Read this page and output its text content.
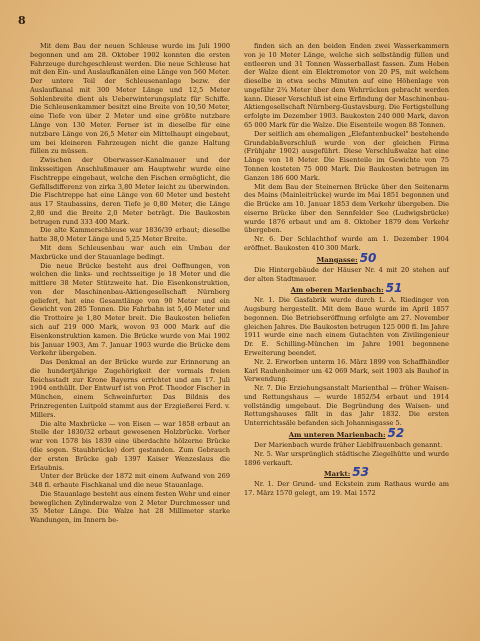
8

Mit dem Bau der neuen Schleuse wurde im Juli 1900 begonnen und am 28. Oktober 1902 konnten die ersten Fahrzeuge durchgeschleust werden. Die neue Schleuse hat mit den Ein- und Auslaufkanälen eine Länge von 560 Meter. Der untere Teil der Schleusenanlage bezw. der Auslaufkanal mit 300 Meter Länge und 12,5 Meter Sohlenbreite dient als Ueberwinterungsplatz für Schiffe. Die Schleusenkammer besitzt eine Breite von 10,50 Meter, eine Tiefe von über 2 Meter und eine größte nutzbare Länge von 130 Meter. Ferner ist in dieselbe für eine nutzbare Länge von 26,5 Meter ein Mittelhaupt eingebaut, um bei kleineren Fahrzeugen nicht die ganze Haltung füllen zu müssen.

Zwischen der Oberwasser-Kanalmauer und der linksseitigen Anschlußmauer am Hauptwehr wurde eine Fischtreppe eingebaut, welche den Fischen ermöglicht, die Gefällsdifferenz von zirka 3,80 Meter leicht zu überwinden. Die Fischtreppe hat eine Länge von 60 Meter und besteht aus 17 Staubassins, deren Tiefe je 0,80 Meter, die Länge 2,80 und die Breite 2,0 Meter beträgt. Die Baukosten betrugen rund 333 400 Mark.

Die alte Kammerschleuse war 1836/39 erbaut; dieselbe hatte 38,0 Meter Länge und 5,25 Meter Breite.

Mit dem Schleusenbau war auch ein Umbau der Maxbrücke und der Stauanlage bedingt.

Die neue Brücke besteht aus drei Oeffnungen, von welchen die links- und rechtsseitige je 18 Meter und die mittlere 38 Meter Stützweite hat. Die Eisenkonstruktion, von der Maschinenbau-Aktiengesellschaft Nürnberg geliefert, hat eine Gesamtlänge von 90 Meter und ein Gewicht von 285 Tonnen. Die Fahrbahn ist 5,40 Meter und die Trottoire je 1,80 Meter breit. Die Baukosten beliefen sich auf 219 000 Mark, wovon 93 000 Mark auf die Eisenkonstruktion kamen. Die Brücke wurde von Mai 1902 bis Januar 1903, Am 7. Januar 1903 wurde die Brücke dem Verkehr übergeben.

Das Denkmal an der Brücke wurde zur Erinnerung an die hundertjährige Zugehörigkeit der vormals freien Reichsstadt zur Krone Bayerns errichtet und am 17. Juli 1904 enthüllt. Der Entwurf ist von Prof. Theodor Fischer in München, einem Schweinfurter. Das Bildnis des Prinzregenten Luitpold stammt aus der Erzgießerei Ferd. v. Millers.

Die alte Maxbrücke — von Eisen — war 1858 erbaut an Stelle der 1830/32 erbaut gewesenen Holzbrücke. Vorher war von 1578 bis 1839 eine überdachte hölzerne Brücke (die sogen. Staubbrücke) dort gestanden. Zum Gebrauch der ersten Brücke gab 1397 Kaiser Wenzeslaus die Erlaubnis.

Unter der Brücke der 1872 mit einem Aufwand von 269 348 fl. erbaute Fischkanal und die neue Stauanlage.

Die Stauanlage besteht aus einem festen Wehr und einer beweglichen Zylinderwalze von 2 Meter Durchmesser und 35 Meter Länge. Die Walze hat 28 Millimeter starke Wandungen, im Innern be-

finden sich an den beiden Enden zwei Wasserkammern von je 10 Meter Länge, welche sich selbständig füllen und entleeren und 31 Tonnen Wasserballast fassen. Zum Heben der Walze dient ein Elektromotor von 20 PS, mit welchem dieselbe in etwa sechs Minuten auf eine Höhenlage von ungefähr 2¾ Meter über dem Wehrrücken gebracht werden kann. Dieser Verschluß ist eine Erfindung der Maschinenbau-Aktiengesellschaft Nürnberg-Gustavsburg. Die Fertigstellung erfolgte im Dezember 1903. Baukosten 240 000 Mark, davon 65 000 Mark für die Walze. Die Eisenteile wogen 88 Tonnen.

Der seitlich am ehemaligen „Elefantenbuckel" bestehende Grundablaßverschluß wurde von der gleichen Firma (Frühjahr 1902) ausgeführt. Diese Verschlußwalze hat eine Länge von 18 Meter. Die Eisenteile im Gewichte von 75 Tonnen kosteten 75 000 Mark. Die Baukosten betrugen im Ganzen 186 600 Mark.

Mit dem Bau der Steinernen Brücke über den Seitenarm des Mains (Mainleitrücke) wurde im Mai 1851 begonnen und die Brücke am 10. Januar 1853 dem Verkehr übergeben. Die eiserne Brücke über den Sennfelder See (Ludwigsbrücke) wurde 1876 erbaut und am 8. Oktober 1879 dem Verkehr übergeben.

Nr. 6. Der Schlachthof wurde am 1. Dezember 1904 eröffnet. Baukosten 410 300 Mark.

Mangasse: 50

Die Hintergebäude der Häuser Nr. 4 mit 20 stehen auf der alten Stadtmauer.

Am oberen Marienbach: 51

Nr. 1. Die Gasfabrik wurde durch L. A. Riedinger von Augsburg hergestellt. Mit dem Baue wurde im April 1857 begonnen. Die Betriebseröffnung erfolgte am 27. November gleichen Jahres. Die Baukosten betrugen 125 000 fl. Im Jahre 1911 wurde eine nach einem Gutachten von Zivilingenieur Dr. E. Schilling-München im Jahre 1901 begonnene Erweiterung beendet.

Nr. 2. Erworben unterm 16. März 1899 von Schaffhändler Karl Rauhenheimer um 42 069 Mark, seit 1903 als Bauhof in Verwendung.

Nr. 7. Die Erziehungsanstalt Marienthal — früher Waisen- und Rettungshaus — wurde 1852/54 erbaut und 1914 vollständig umgebaut. Die Begründung des Waisen- und Rettungshauses fällt in das Jahr 1832. Die ersten Unterrichtssäle befanden sich Johannisgasse 5.

Am unteren Marienbach: 52

Der Marienbach wurde früher Lieblfrauenbach genannt.

Nr. 5. War ursprünglich städtische Ziegelhütte und wurde 1896 verkauft.

Markt: 53

Nr. 1. Der Grund- und Eckstein zum Rathaus wurde am 17. März 1570 gelegt, am 19. Mai 1572
